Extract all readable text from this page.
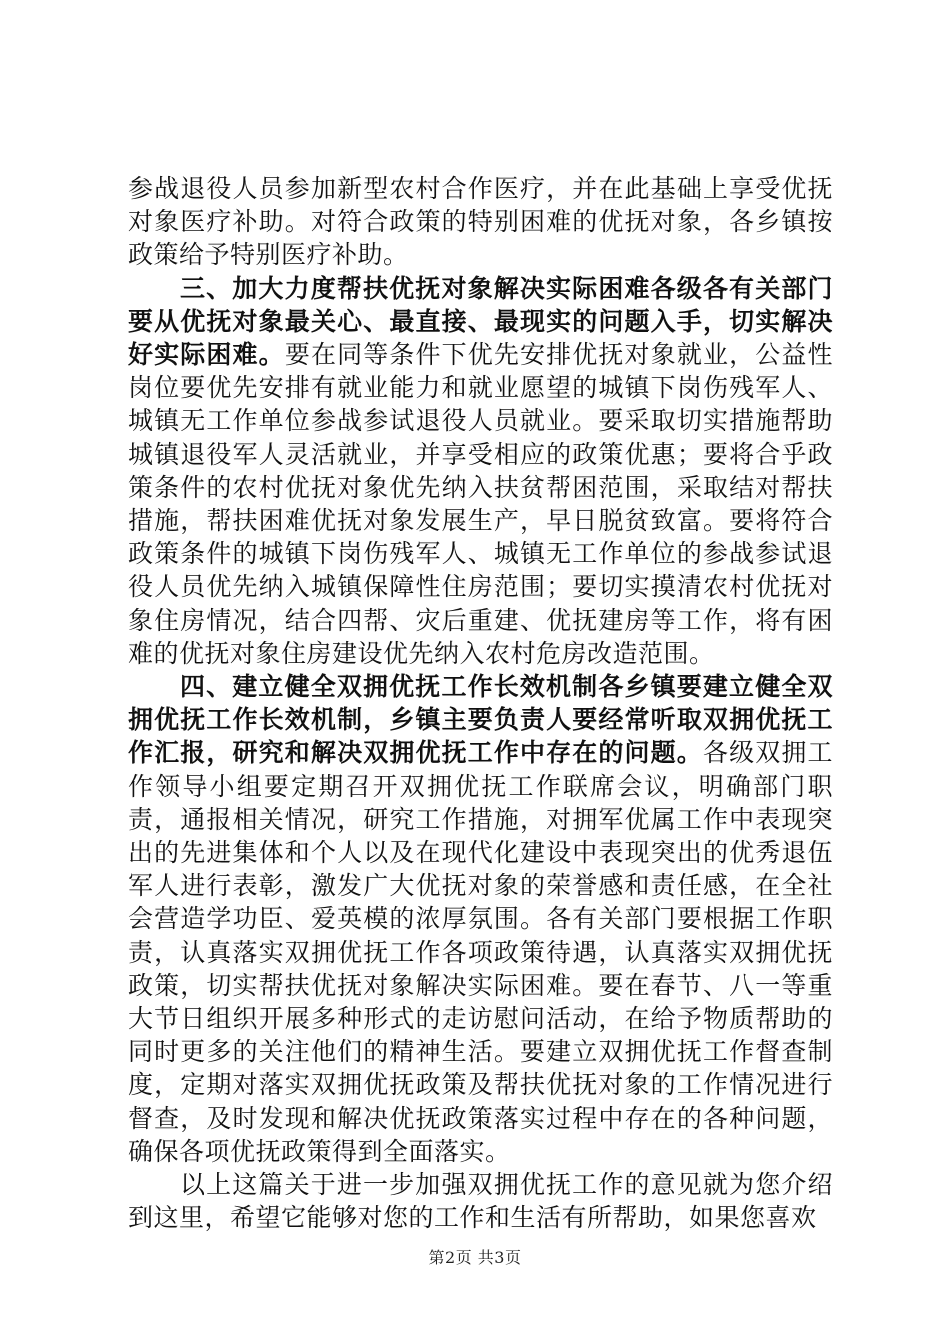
参战退役人员参加新型农村合作医疗，并在此基础上享受优抚对象医疗补助。对符合政策的特别困难的优抚对象，各乡镇按政策给予特别医疗补助。

三、加大力度帮扶优抚对象解决实际困难各级各有关部门要从优抚对象最关心、最直接、最现实的问题入手，切实解决好实际困难。要在同等条件下优先安排优抚对象就业，公益性岗位要优先安排有就业能力和就业愿望的城镇下岗伤残军人、城镇无工作单位参战参试退役人员就业。要采取切实措施帮助城镇退役军人灵活就业，并享受相应的政策优惠；要将合乎政策条件的农村优抚对象优先纳入扶贫帮困范围，采取结对帮扶措施，帮扶困难优抚对象发展生产，早日脱贫致富。要将符合政策条件的城镇下岗伤残军人、城镇无工作单位的参战参试退役人员优先纳入城镇保障性住房范围；要切实摸清农村优抚对象住房情况，结合四帮、灾后重建、优抚建房等工作，将有困难的优抚对象住房建设优先纳入农村危房改造范围。

四、建立健全双拥优抚工作长效机制各乡镇要建立健全双拥优抚工作长效机制，乡镇主要负责人要经常听取双拥优抚工作汇报，研究和解决双拥优抚工作中存在的问题。各级双拥工作领导小组要定期召开双拥优抚工作联席会议，明确部门职责，通报相关情况，研究工作措施，对拥军优属工作中表现突出的先进集体和个人以及在现代化建设中表现突出的优秀退伍军人进行表彰，激发广大优抚对象的荣誉感和责任感，在全社会营造学功臣、爱英模的浓厚氛围。各有关部门要根据工作职责，认真落实双拥优抚工作各项政策待遇，认真落实双拥优抚政策，切实帮扶优抚对象解决实际困难。要在春节、八一等重大节日组织开展多种形式的走访慰问活动，在给予物质帮助的同时更多的关注他们的精神生活。要建立双拥优抚工作督查制度，定期对落实双拥优抚政策及帮扶优抚对象的工作情况进行督查，及时发现和解决优抚政策落实过程中存在的各种问题，确保各项优抚政策得到全面落实。

以上这篇关于进一步加强双拥优抚工作的意见就为您介绍到这里，希望它能够对您的工作和生活有所帮助，如果您喜欢

第2页 共3页
